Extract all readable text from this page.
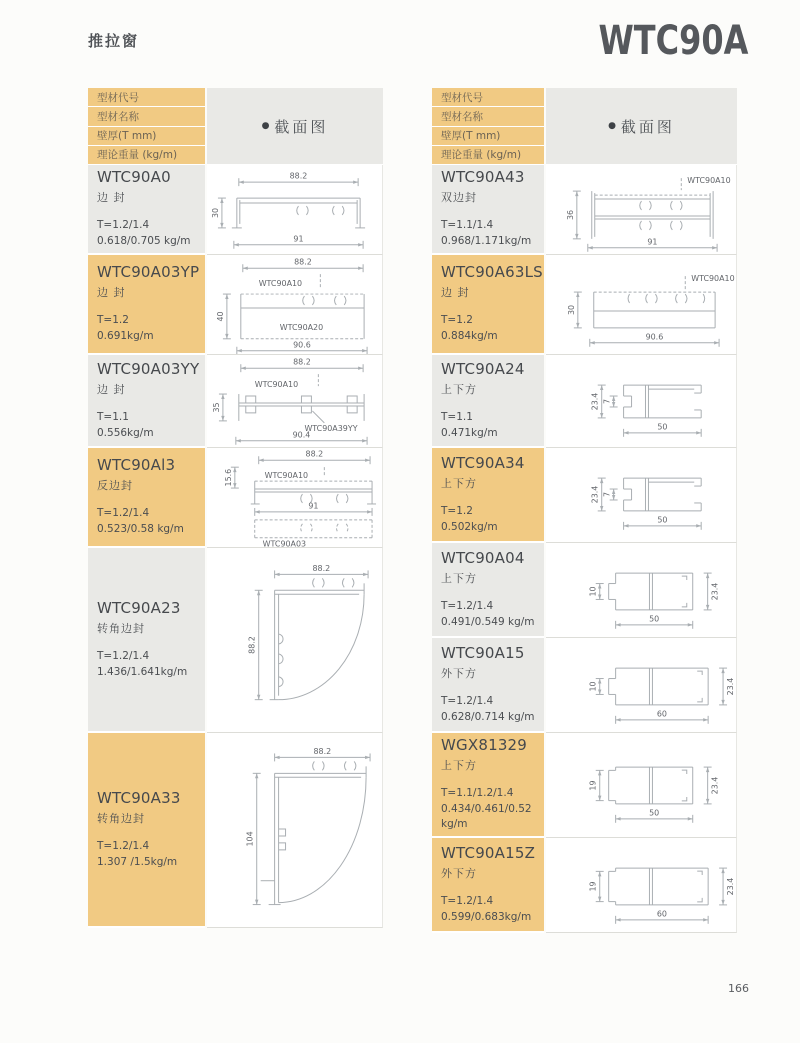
推拉窗	WTC90A
型材代号
型材名称
壁厚(T mm)
理论重量 (kg/m)
● 截面图
WTC90A0
边 封
T=1.2/1.4
0.618/0.705 kg/m
88.2
30
91
WTC90A03YP
边 封
T=1.2
0.691kg/m
88.2
WTC90A10
WTC90A20
40
90.6
WTC90A03YY
边 封
T=1.1
0.556kg/m
88.2
WTC90A10
35
WTC90A39YY
90.4
WTC90Al3
反边封
T=1.2/1.4
0.523/0.58 kg/m
15.6
88.2
WTC90A10
91
WTC90A03
WTC90A23
转角边封
T=1.2/1.4
1.436/1.641kg/m
88.2
88.2
WTC90A33
转角边封
T=1.2/1.4
1.307 /1.5kg/m
88.2
104
型材代号
型材名称
壁厚(T mm)
理论重量 (kg/m)
● 截面图
WTC90A43
双边封
T=1.1/1.4
0.968/1.171kg/m
WTC90A10
36
91
WTC90A63LS
边 封
T=1.2
0.884kg/m
WTC90A10
30
90.6
WTC90A24
上下方
T=1.1
0.471kg/m
23.4 7
50
WTC90A34
上下方
T=1.2
0.502kg/m
23.4 7
50
WTC90A04
上下方
T=1.2/1.4
0.491/0.549 kg/m
10	23.4
50
WTC90A15
外下方
T=1.2/1.4
0.628/0.714 kg/m
10	23.4
60
WGX81329
上下方
T=1.1/1.2/1.4
0.434/0.461/0.52 kg/m
19	23.4
50
WTC90A15Z
外下方
T=1.2/1.4
0.599/0.683kg/m
19	23.4
60
166
